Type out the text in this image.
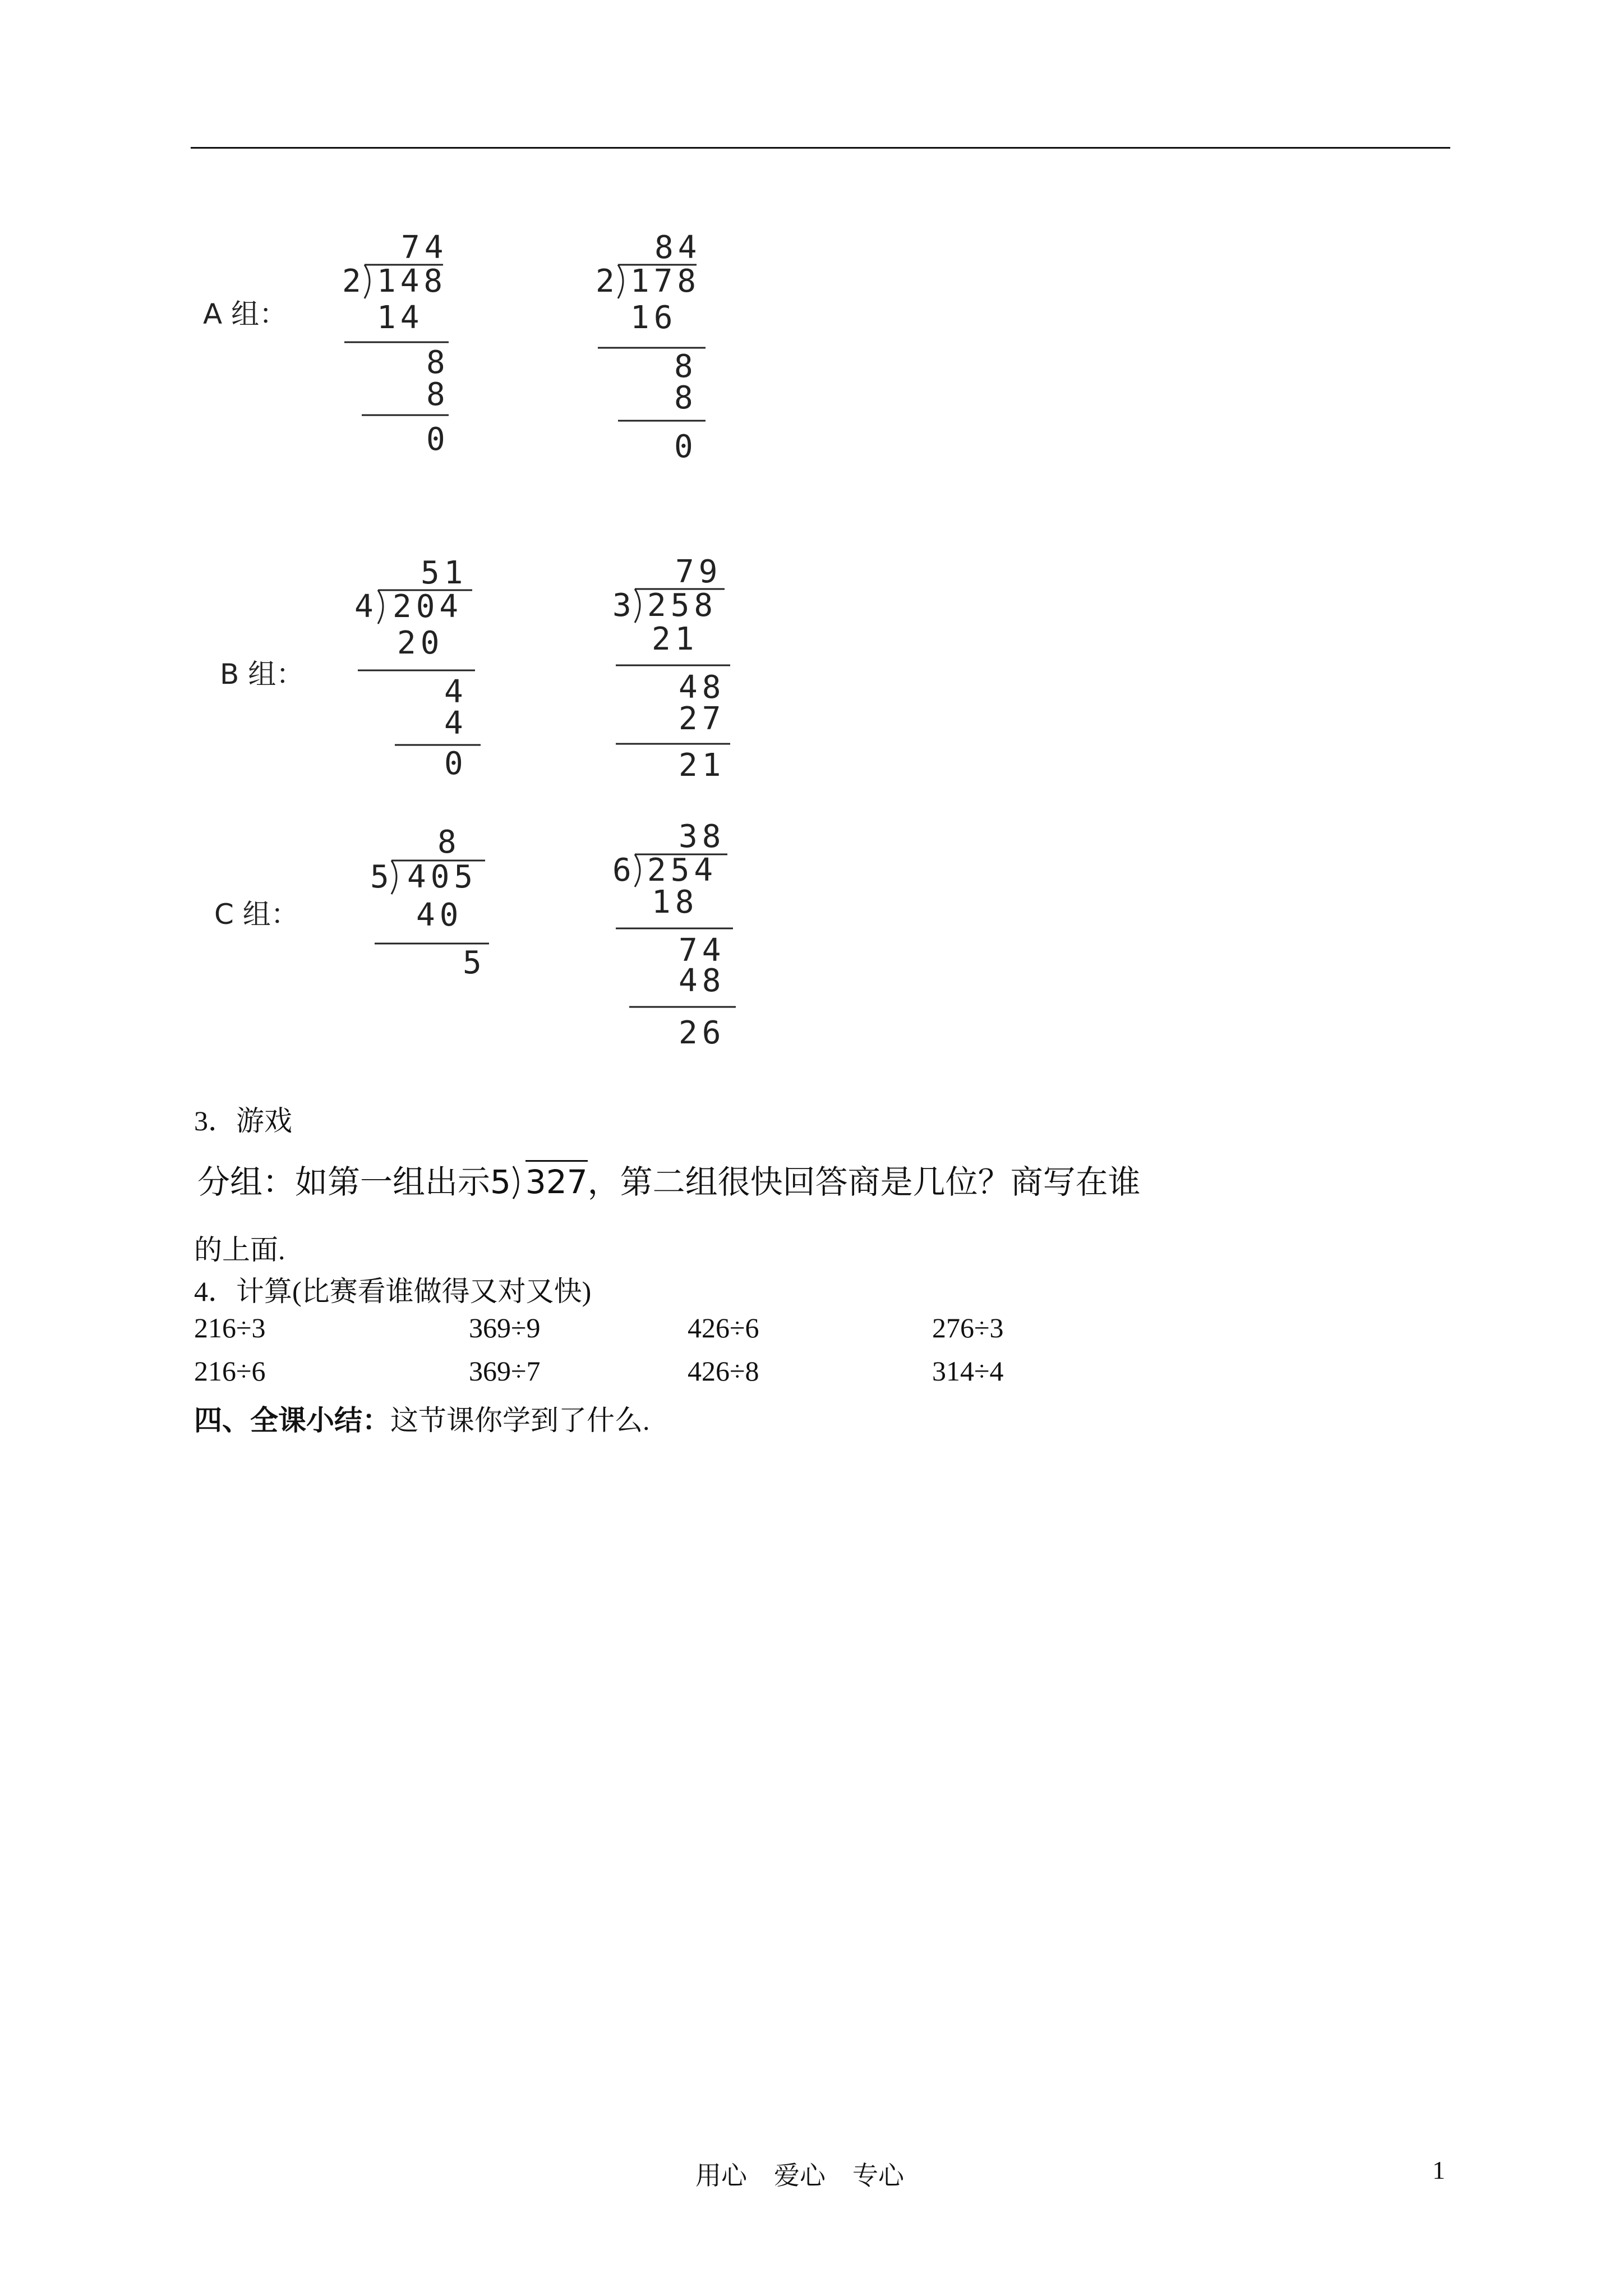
A 组：
74
2 148
14
8
8
0
84
2 178
16
8
8
0
B 组：
51
4 204
20
4
4
0
79
3 258
21
48
27
21
C 组：
8
5 405
40
5
38
6 254
18
74
48
26
3．游戏
分组：如第一组出示5 327，第二组很快回答商是几位？商写在谁
的上面.
4．计算(比赛看谁做得又对又快)
216÷3	369÷9	426÷6	276÷3
216÷6	369÷7	426÷8	314÷4
四、全课小结：这节课你学到了什么.
用心 爱心 专心	1
